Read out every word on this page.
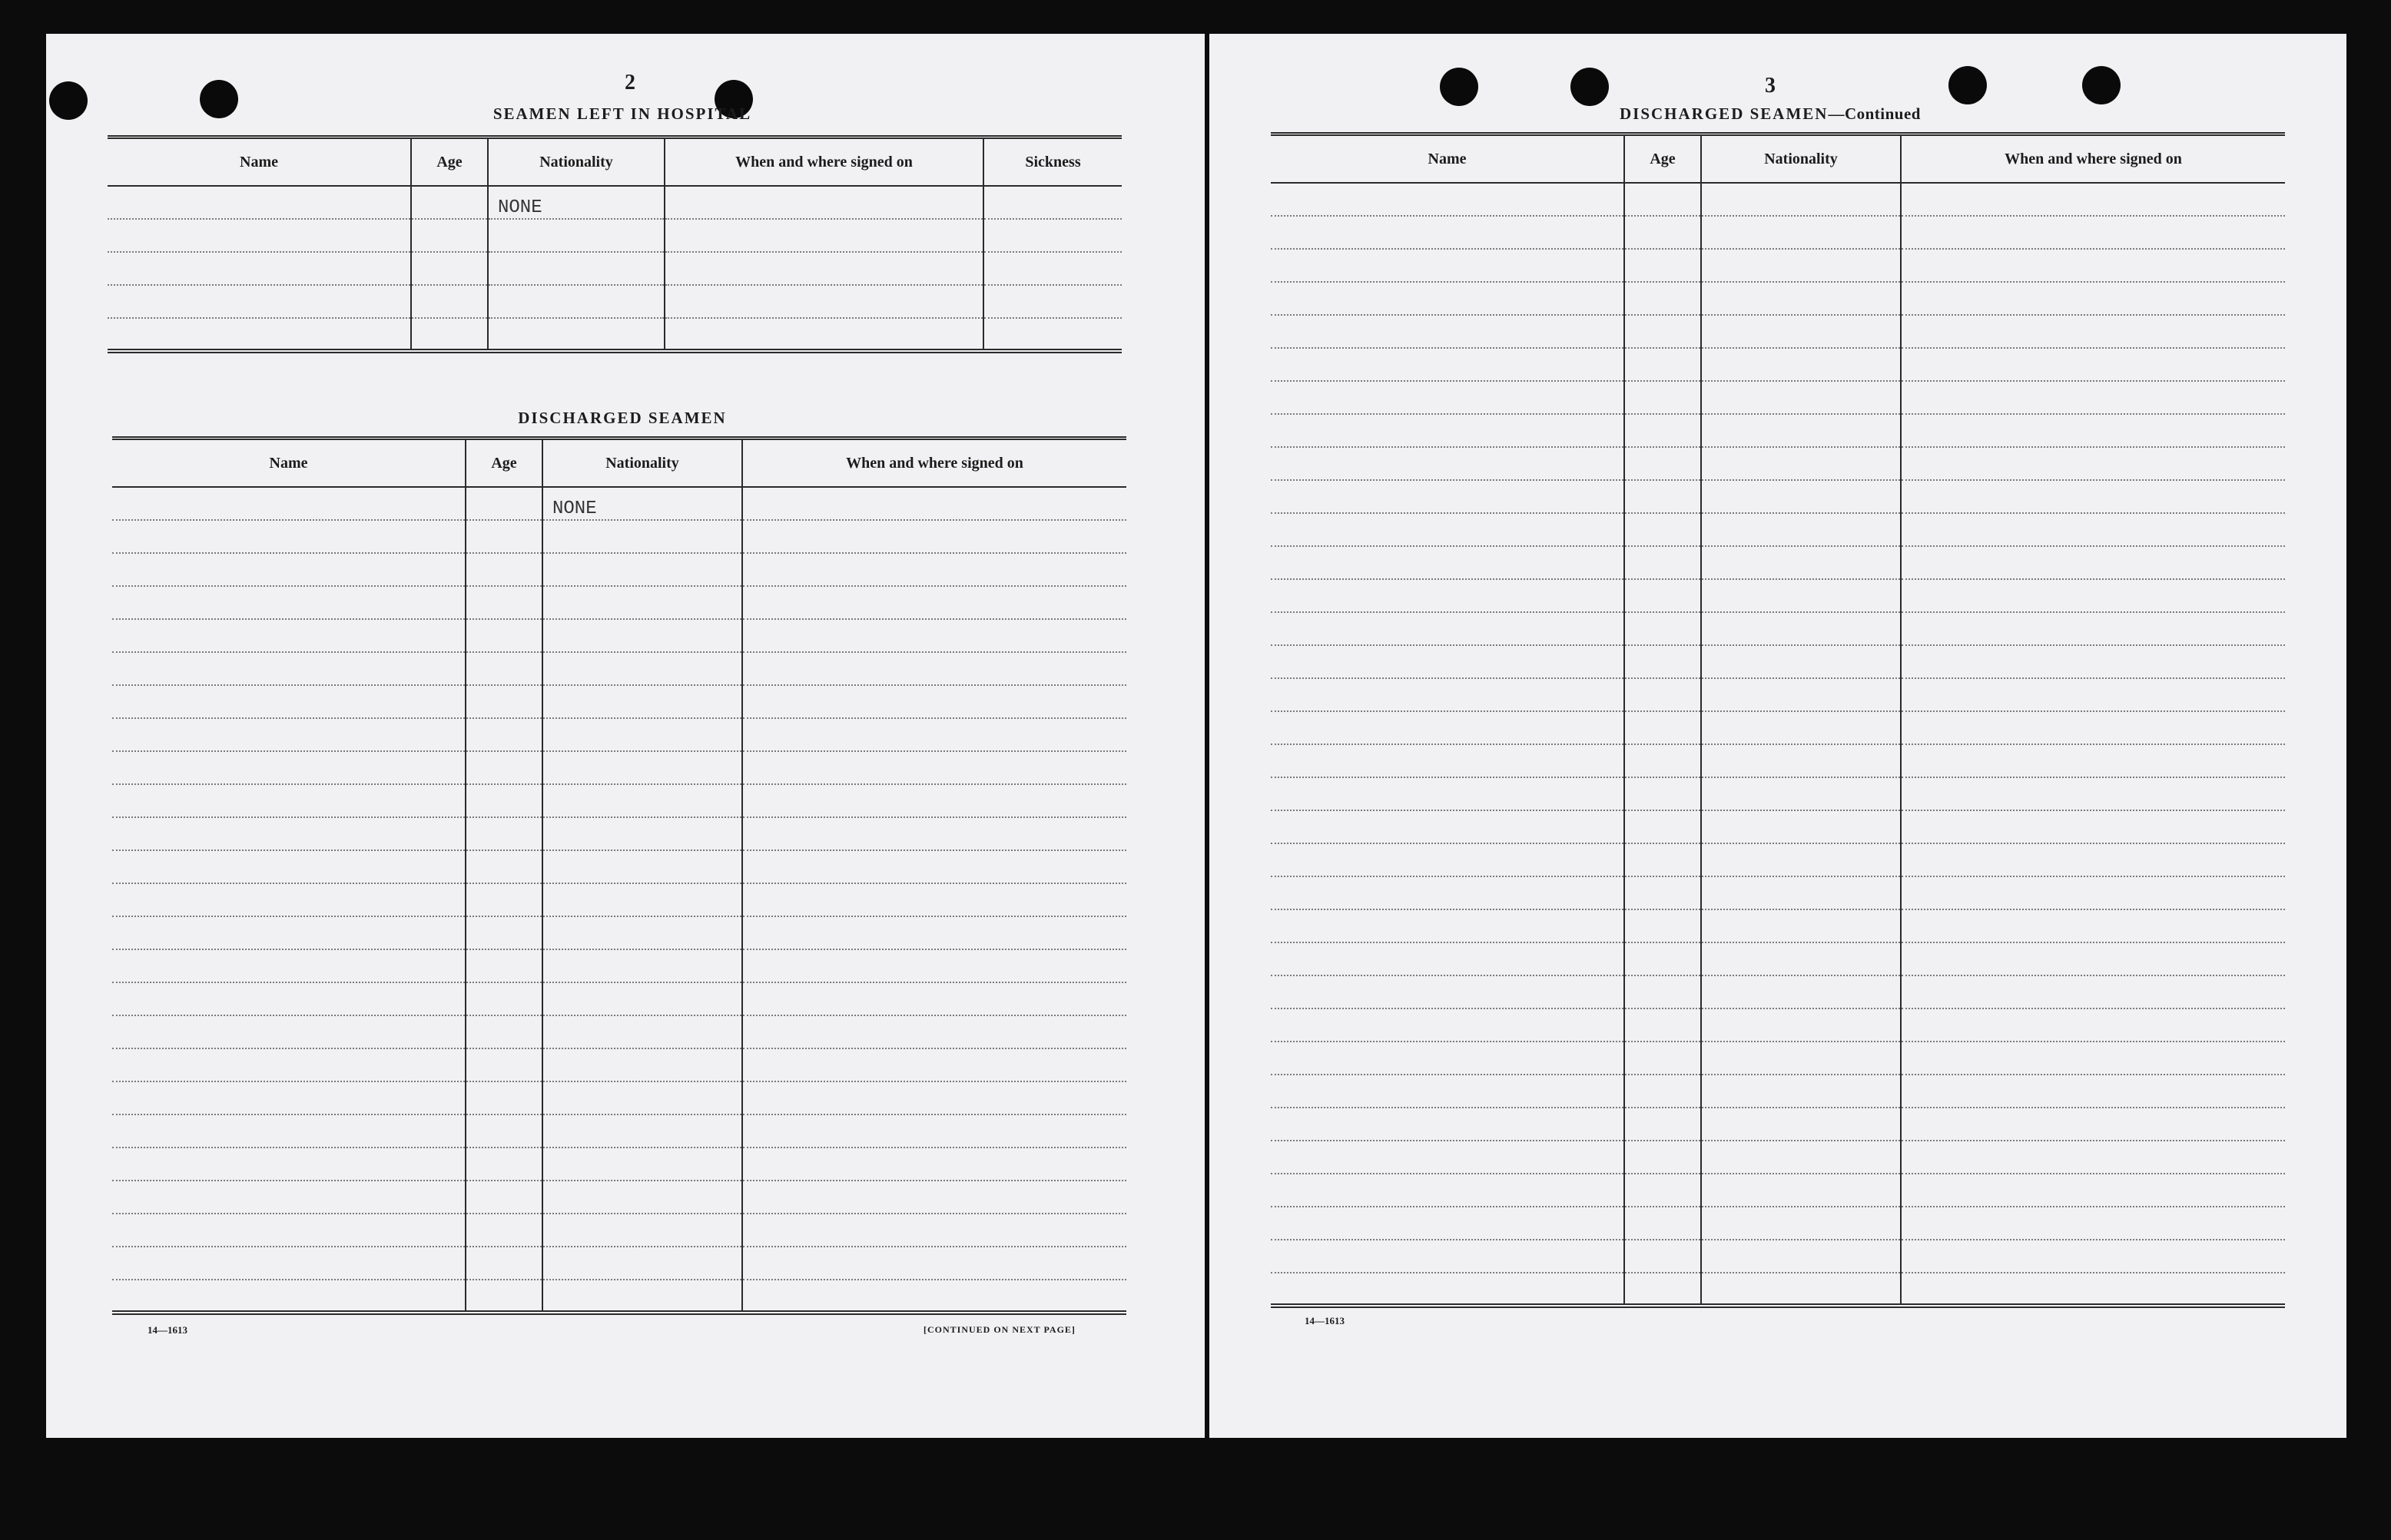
2
SEAMEN LEFT IN HOSPITAL
Name	Age	Nationality	When and where signed on	Sickness
		NONE		

DISCHARGED SEAMEN
Name	Age	Nationality	When and where signed on
		NONE	

14—1613	[CONTINUED ON NEXT PAGE]
3
DISCHARGED SEAMEN—Continued
Name	Age	Nationality	When and where signed on

14—1613
